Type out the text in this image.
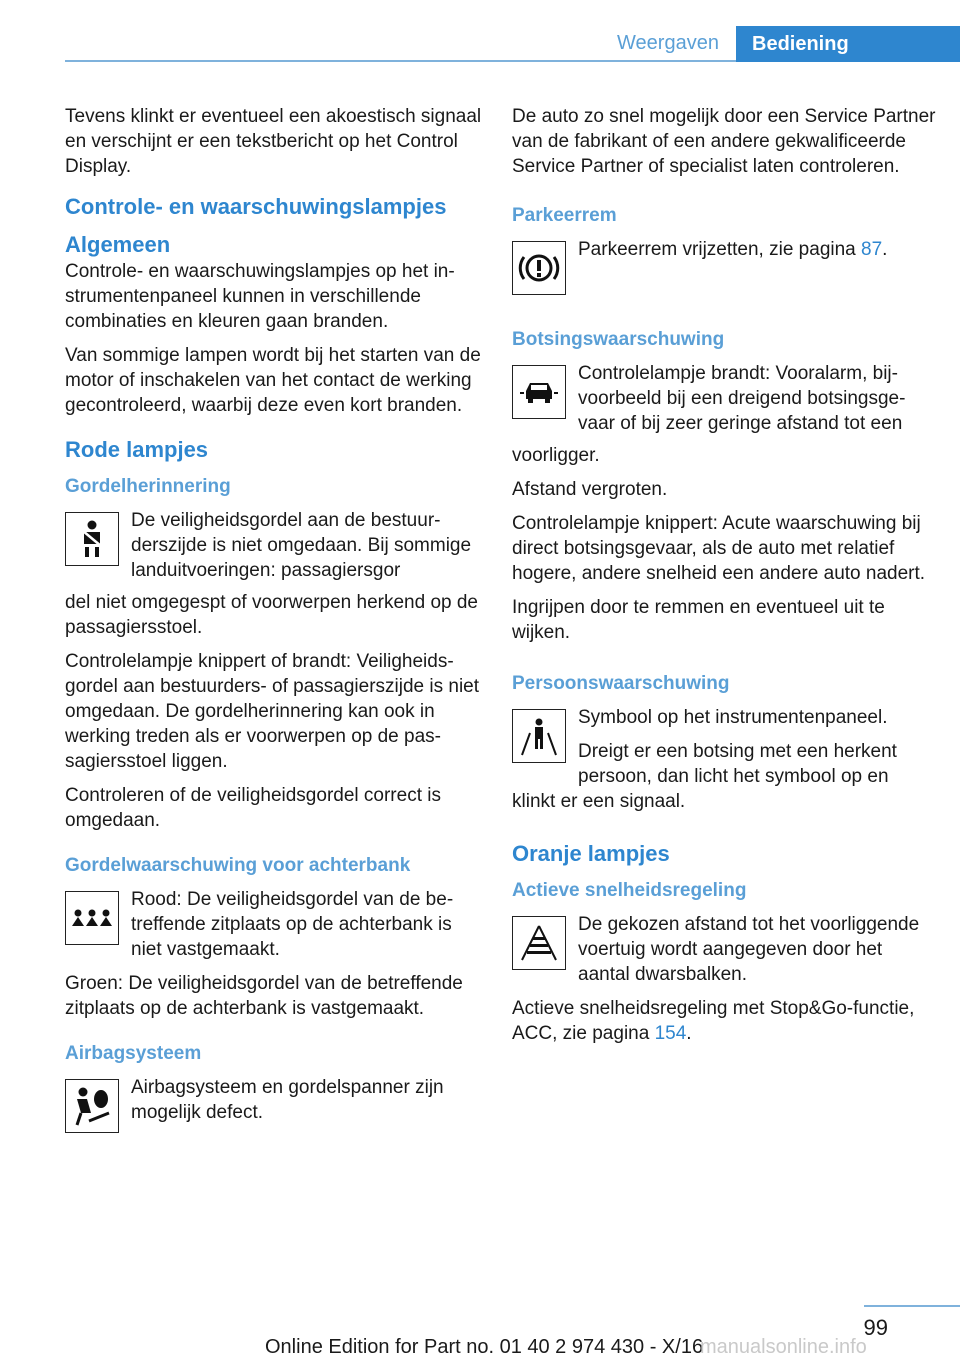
Weergaven	Bediening

Tevens klinkt er eventueel een akoestisch signaal en verschijnt er een tekstbericht op het Control Display.

Controle- en waarschuwingslampjes
Algemeen

Controle- en waarschuwingslampjes op het instrumentenpaneel kunnen in verschillende combinaties en kleuren gaan branden.

Van sommige lampen wordt bij het starten van de motor of inschakelen van het contact de werking gecontroleerd, waarbij deze even kort branden.

Rode lampjes
Gordelherinnering

De veiligheidsgordel aan de bestuurderszijde is niet omgedaan. Bij sommige landuitvoeringen: passagiersgor

del niet omgegespt of voorwerpen herkend op de passagiersstoel.

Controlelampje knippert of brandt: Veiligheidsgordel aan bestuurders- of passagierszijde is niet omgedaan. De gordelherinnering kan ook in werking treden als er voorwerpen op de passagiersstoel liggen.

Controleren of de veiligheidsgordel correct is omgedaan.

Gordelwaarschuwing voor achterbank

Rood: De veiligheidsgordel van de betreffende zitplaats op de achterbank is niet vastgemaakt.

Groen: De veiligheidsgordel van de betreffende zitplaats op de achterbank is vastgemaakt.

Airbagsysteem

Airbagsysteem en gordelspanner zijn mogelijk defect.

De auto zo snel mogelijk door een Service Partner van de fabrikant of een andere gekwalificeerde Service Partner of specialist laten controleren.

Parkeerrem

Parkeerrem vrijzetten, zie pagina 87.

Botsingswaarschuwing

Controlelampje brandt: Vooralarm, bijvoorbeeld bij een dreigend botsingsgevaar of bij zeer geringe afstand tot een

voorligger.

Afstand vergroten.

Controlelampje knippert: Acute waarschuwing bij direct botsingsgevaar, als de auto met relatief hogere, andere snelheid een andere auto nadert.

Ingrijpen door te remmen en eventueel uit te wijken.

Persoonswaarschuwing

Symbool op het instrumentenpaneel.

Dreigt er een botsing met een herkent persoon, dan licht het symbool op en

klinkt er een signaal.

Oranje lampjes
Actieve snelheidsregeling

De gekozen afstand tot het voorliggende voertuig wordt aangegeven door het aantal dwarsbalken.

Actieve snelheidsregeling met Stop&Go-functie, ACC, zie pagina 154.

99
Online Edition for Part no. 01 40 2 974 430 - X/16
manualsonline.info
